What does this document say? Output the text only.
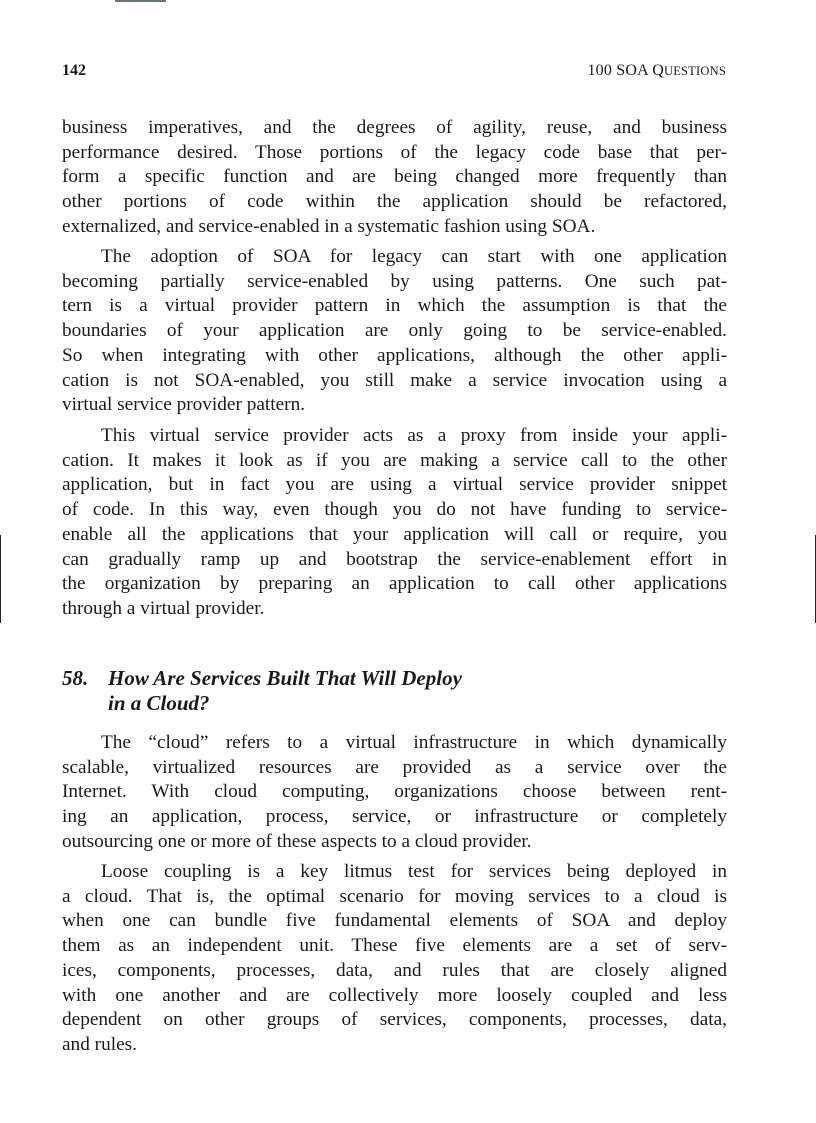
142	100 SOA QUESTIONS
business imperatives, and the degrees of agility, reuse, and business
performance desired. Those portions of the legacy code base that per-
form a specific function and are being changed more frequently than
other portions of code within the application should be refactored,
externalized, and service-enabled in a systematic fashion using SOA.
The adoption of SOA for legacy can start with one application
becoming partially service-enabled by using patterns. One such pat-
tern is a virtual provider pattern in which the assumption is that the
boundaries of your application are only going to be service-enabled.
So when integrating with other applications, although the other appli-
cation is not SOA-enabled, you still make a service invocation using a
virtual service provider pattern.
This virtual service provider acts as a proxy from inside your appli-
cation. It makes it look as if you are making a service call to the other
application, but in fact you are using a virtual service provider snippet
of code. In this way, even though you do not have funding to service-
enable all the applications that your application will call or require, you
can gradually ramp up and bootstrap the service-enablement effort in
the organization by preparing an application to call other applications
through a virtual provider.
58. How Are Services Built That Will Deploy
in a Cloud?
The “cloud” refers to a virtual infrastructure in which dynamically
scalable, virtualized resources are provided as a service over the
Internet. With cloud computing, organizations choose between rent-
ing an application, process, service, or infrastructure or completely
outsourcing one or more of these aspects to a cloud provider.
Loose coupling is a key litmus test for services being deployed in
a cloud. That is, the optimal scenario for moving services to a cloud is
when one can bundle five fundamental elements of SOA and deploy
them as an independent unit. These five elements are a set of serv-
ices, components, processes, data, and rules that are closely aligned
with one another and are collectively more loosely coupled and less
dependent on other groups of services, components, processes, data,
and rules.
